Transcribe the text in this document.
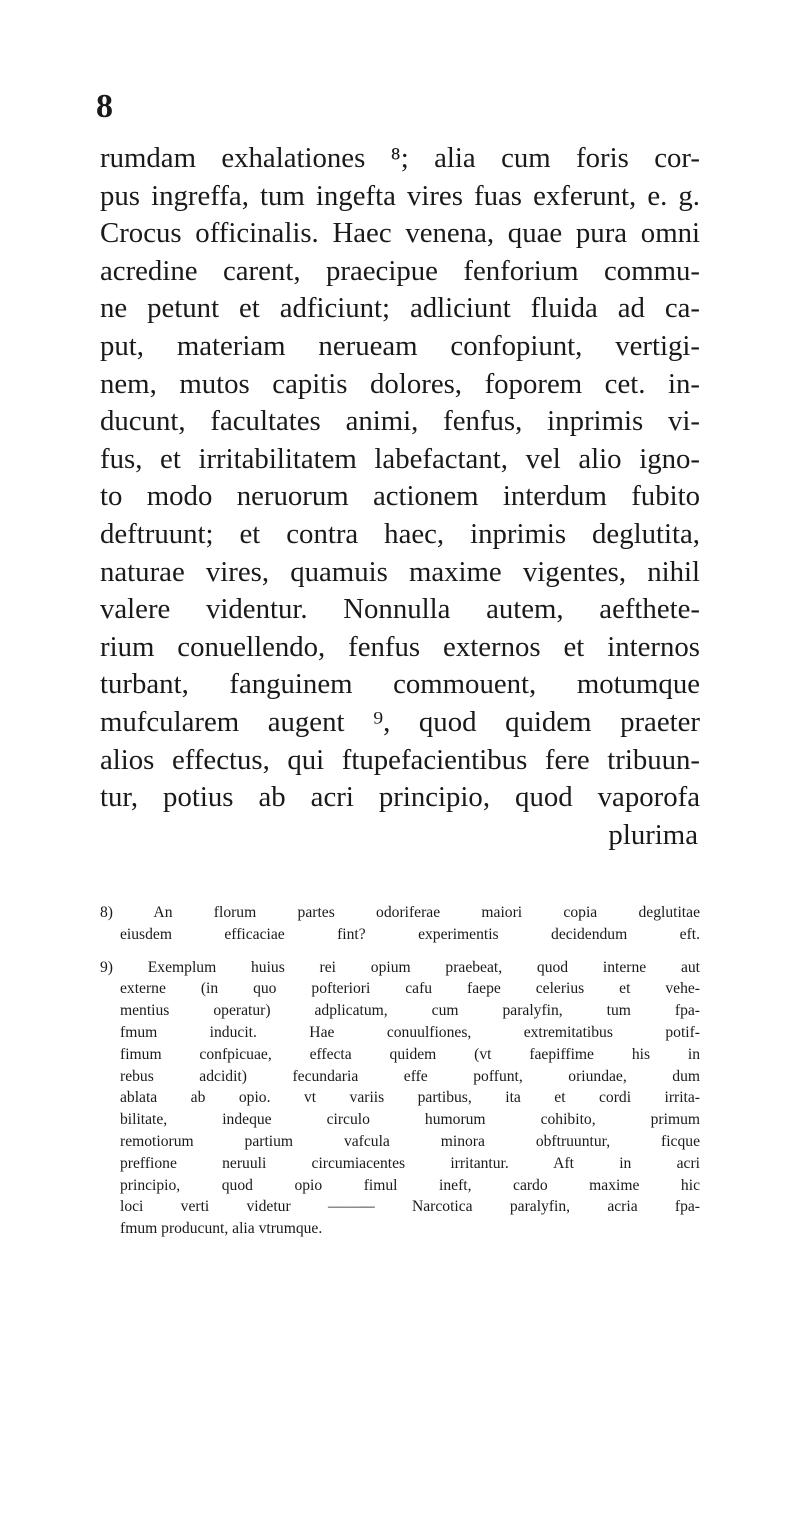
8
rumdam exhalationes ⁸; alia cum foris cor-
pus ingreffa, tum ingefta vires fuas exferunt, e. g.
Crocus officinalis. Haec venena, quae pura omni
acredine carent, praecipue fenforium commu-
ne petunt et adficiunt; adliciunt fluida ad ca-
put, materiam nerueam confopiunt, vertigi-
nem, mutos capitis dolores, foporem cet. in-
ducunt, facultates animi, fenfus, inprimis vi-
fus, et irritabilitatem labefactant, vel alio igno-
to modo neruorum actionem interdum fubito
deftruunt; et contra haec, inprimis deglutita,
naturae vires, quamuis maxime vigentes, nihil
valere videntur. Nonnulla autem, aefthete-
rium conuellendo, fenfus externos et internos
turbant, fanguinem commouent, motumque
mufcularem augent ⁹, quod quidem praeter
alios effectus, qui ftupefacientibus fere tribuun-
tur, potius ab acri principio, quod vaporofa
plurima
8) An florum partes odoriferae maiori copia deglutitae
eiusdem efficaciae fint? experimentis decidendum eft.
9) Exemplum huius rei opium praebeat, quod interne aut
externe (in quo pofteriori cafu faepe celerius et vehe-
mentius operatur) adplicatum, cum paralyfin, tum fpa-
fmum inducit. Hae conuulfiones, extremitatibus potif-
fimum confpicuae, effecta quidem (vt faepiffime his in
rebus adcidit) fecundaria effe poffunt, oriundae, dum
ablata ab opio. vt variis partibus, ita et cordi irrita-
bilitate, indeque circulo humorum cohibito, primum
remotiorum partium vafcula minora obftruuntur, ficque
preffione neruuli circumiacentes irritantur. Aft in acri
principio, quod opio fimul ineft, cardo maxime hic
loci verti videtur ——— Narcotica paralyfin, acria fpa-
fmum producunt, alia vtrumque.
